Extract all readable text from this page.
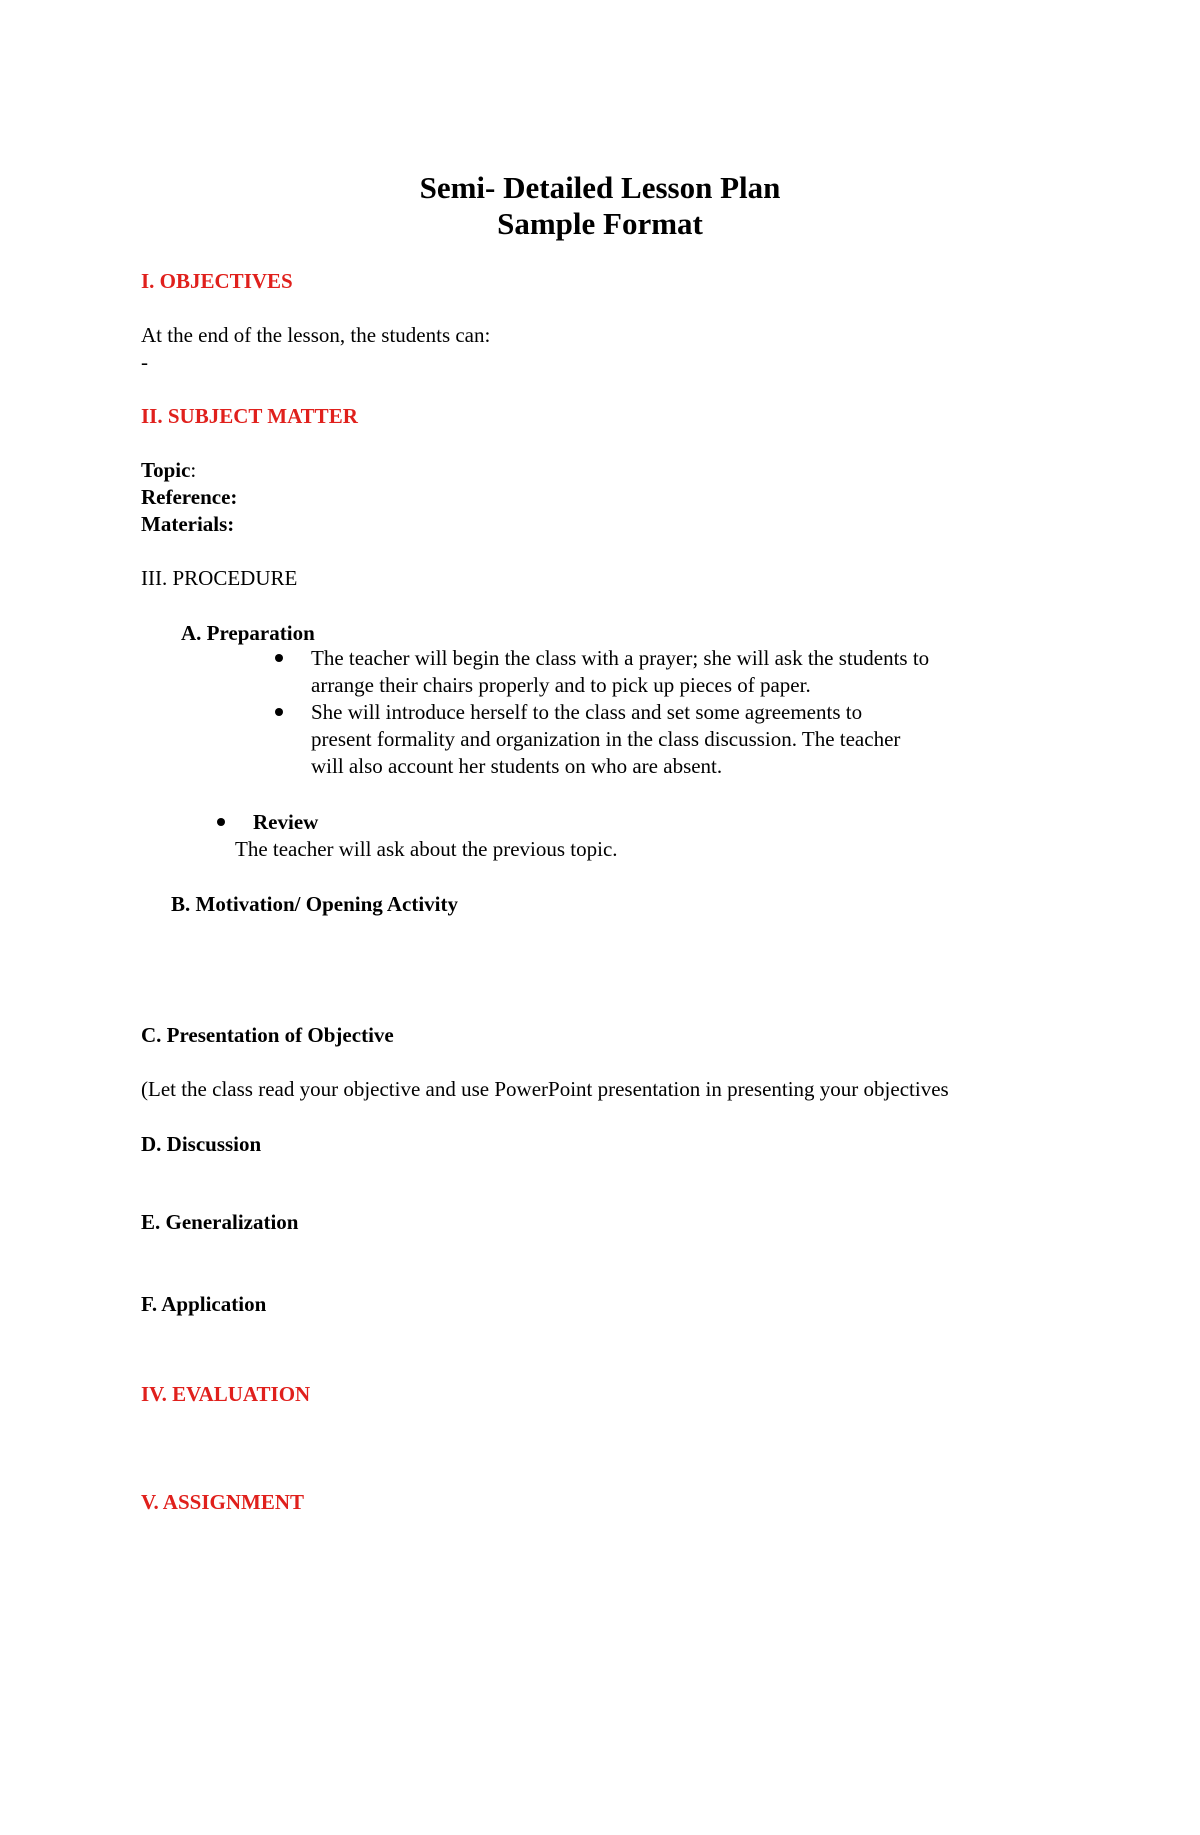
Semi- Detailed Lesson Plan
Sample Format
I. OBJECTIVES
At the end of the lesson, the students can:
-
II. SUBJECT MATTER
Topic:
Reference:
Materials:
III. PROCEDURE
A. Preparation
The teacher will begin the class with a prayer; she will ask the students to
arrange their chairs properly and to pick up pieces of paper.
She will introduce herself to the class and set some agreements to
present formality and organization in the class discussion. The teacher
will also account her students on who are absent.
Review
The teacher will ask about the previous topic.
B. Motivation/ Opening Activity
C. Presentation of Objective
(Let the class read your objective and use PowerPoint presentation in presenting your objectives
D. Discussion
E. Generalization
F. Application
IV. EVALUATION
V. ASSIGNMENT
